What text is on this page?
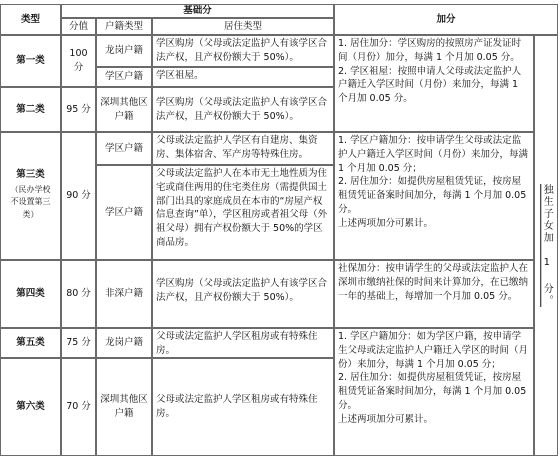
类型
基础分
分值 户籍类型	居住类型
加分
第一类
100 分
龙岗户籍
学区购房（父母或法定监护人有该学区合法产权，且产权份额大于 50%）。
学区户籍	学区祖屋。
第二类 95 分
深圳其他区户籍
学区购房（父母或法定监护人有该学区合法产权，且产权份额大于 50%）。
1. 居住加分：学区购房的按照房产证发证时间（月份）加分，每满 1 个月加 0.05 分。
2. 学区祖屋：按照申请人父母或法定监护人户籍迁入学区时间（月份）来加分，每满 1 个月加 0.05 分。
第三类
（民办学校不设置第三类）
90 分
学区户籍
父母或法定监护人学区有自建房、集资房、集体宿舍、军产房等特殊住房。
学区户籍
父母或法定监护人在本市无土地性质为住宅或商住两用的住宅类住房（需提供国土部门出具的家庭成员在本市的“房屋产权信息查询”单），学区租房或者祖父母（外祖父母）拥有产权份额大于 50%的学区商品房。
1. 学区户籍加分：按申请学生父母或法定监护人户籍迁入学区时间（月份）来加分，每满 1 个月加 0.05 分；
2. 居住加分：如提供房屋租赁凭证，按房屋租赁凭证备案时间加分，每满 1 个月加 0.05 分。
上述两项加分可累计。
第四类 80 分 非深户籍
学区购房（父母或法定监护人有该学区合法产权，且产权份额大于 50%）。
社保加分：按申请学生的父母或法定监护人在深圳市缴纳社保的时间来计算加分，在已缴纳一年的基础上，每增加一个月加 0.05 分。
第五类 75 分 龙岗户籍
父母或法定监护人学区租房或有特殊住房。
第六类 70 分
深圳其他区户籍
父母或法定监护人学区租房或有特殊住房。
1. 学区户籍加分：如为学区户籍，按申请学生父母或法定监护人户籍迁入学区的时间（月份）来加分，每满 1 个月加 0.05 分；
2. 居住加分：如提供房屋租赁凭证，按房屋租赁凭证备案时间加分，每满 1 个月加 0.05 分。
上述两项加分可累计。
独生子女加 1 分。
